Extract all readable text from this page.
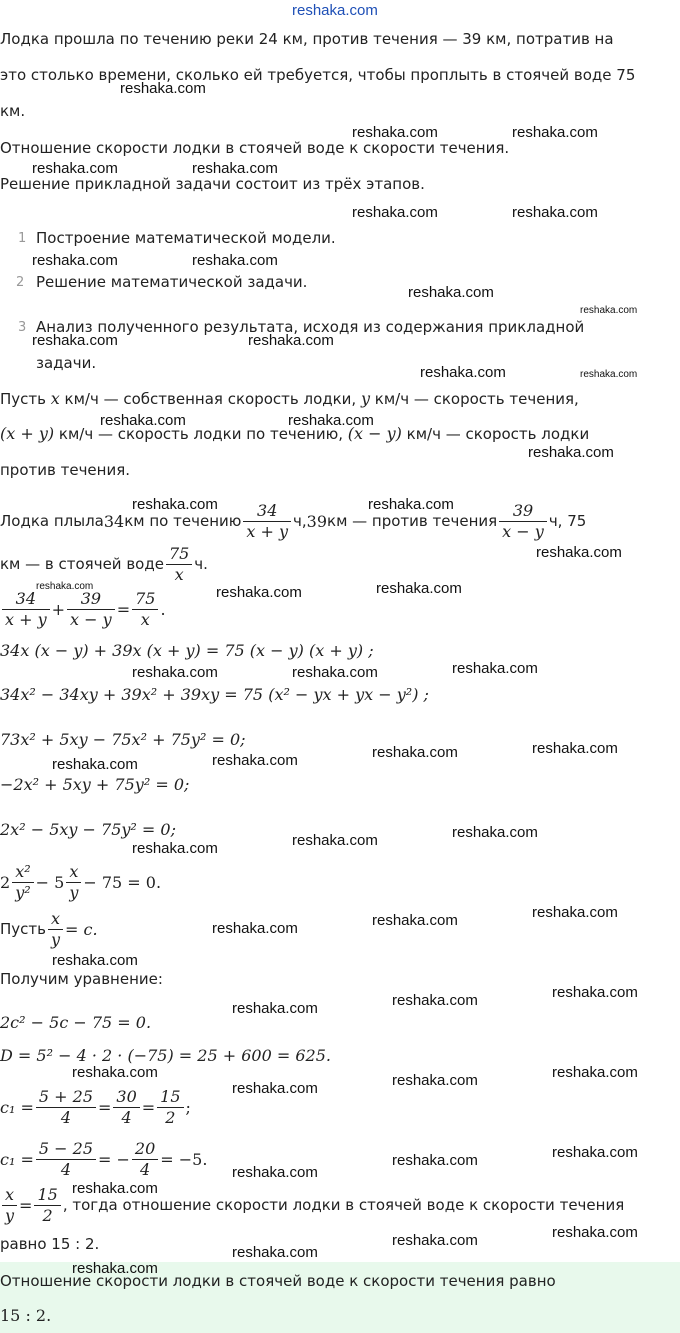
reshaka.com
Лодка прошла по течению реки 24 км, против течения — 39 км, потратив на
это столько времени, сколько ей требуется, чтобы проплыть в стоячей воде 75
км.
Отношение скорости лодки в стоячей воде к скорости течения.
Решение прикладной задачи состоит из трёх этапов.
1 Построение математической модели.
2 Решение математической задачи.
3 Анализ полученного результата, исходя из содержания прикладной
задачи.
Пусть x км/ч — собственная скорость лодки, y км/ч — скорость течения,
(x + y) км/ч — скорость лодки по течению, (x − y) км/ч — скорость лодки
против течения.
Лодка плыла 34 км по течению $\frac{34}{x + y} ч$, 39 км — против течения $\frac{39}{x - y} ч$, 75
км — в стоячей воде $\frac{75}{x} ч$.
$\frac{34}{x + y} + \frac{39}{x - y} = \frac{75}{x}$ .
34x (x − y) + 39x (x + y) = 75 (x − y) (x + y) ;
34x² − 34xy + 39x² + 39xy = 75 (x² − yx + yx − y²) ;
73x² + 5xy − 75x² + 75y² = 0;
−2x² + 5xy + 75y² = 0;
2x² − 5xy − 75y² = 0;
$2 \frac{\text{x²}}{\text{y²}} - 5 \frac{x}{y} - 75 = 0$.
Пусть $\frac{x}{y} = c$.
Получим уравнение:
2c² − 5c − 75 = 0.
D = 5² − 4 · 2 · (−75) = 25 + 600 = 625.
$c_1 = \frac{5 + 25}{4} = \frac{30}{4} = \frac{15}{2}$ ;
$c_1 = \frac{5 - 25}{4}$ = − $\frac{20}{4} = -5$.
$\frac{x}{y} = \frac{15}{2}$ , тогда отношение скорости лодки в стоячей воде к скорости течения
равно 15 : 2.
Отношение скорости лодки в стоячей воде к скорости течения равно
15 : 2.
reshaka.com
reshaka.com	reshaka.com
reshaka.com	reshaka.com
reshaka.com	reshaka.com
reshaka.com	reshaka.com
reshaka.com
reshaka.com
reshaka.com	reshaka.com
reshaka.com	reshaka.com
reshaka.com	reshaka.com
reshaka.com
reshaka.com	reshaka.com
reshaka.com
reshaka.com	reshaka.com	reshaka.com
reshaka.com	reshaka.com	reshaka.com
reshaka.com	reshaka.com
reshaka.com	reshaka.com
reshaka.com	reshaka.com
reshaka.com
reshaka.com
reshaka.com
reshaka.com
reshaka.com
reshaka.com
reshaka.com
reshaka.com
reshaka.com	reshaka.com
reshaka.com
reshaka.com
reshaka.com
reshaka.com
reshaka.com
reshaka.com
reshaka.com
reshaka.com
reshaka.com
reshaka.com
